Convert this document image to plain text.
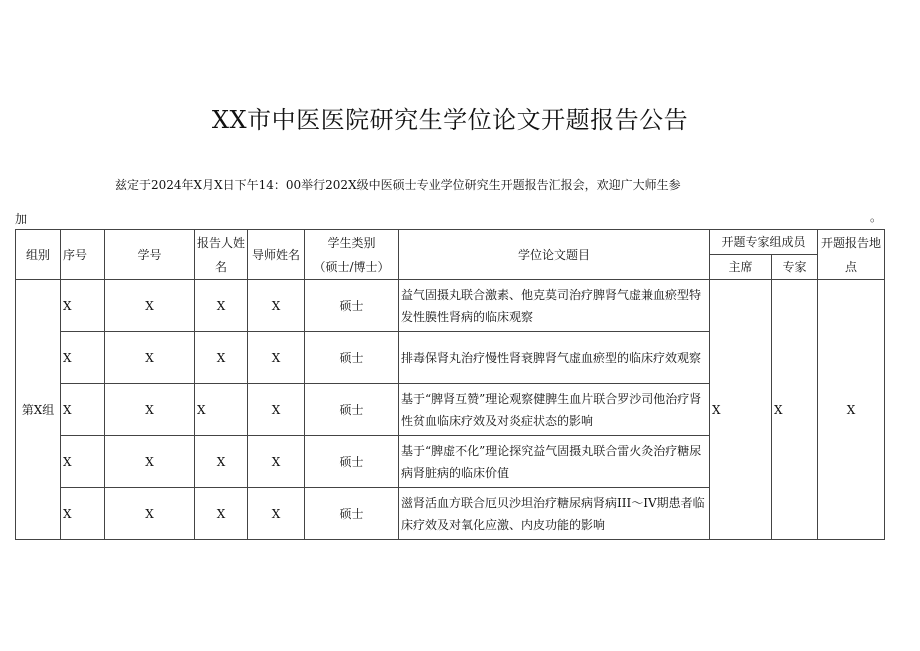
XX市中医医院研究生学位论文开题报告公告
兹定于2024年X月X日下午14：00举行202X级中医硕士专业学位研究生开题报告汇报会，欢迎广大师生参
加	。
组别	序号	学号	报告人姓名	导师姓名	学生类别
（硕士/博士）	学位论文题目	开题专家组成员		开题报告地点
							主席	专家	
第X组	X	X	X	X	硕士	益气固摄丸联合激素、他克莫司治疗脾肾气虚兼血瘀型特发性膜性肾病的临床观察	X	X	X
	X	X	X	X	硕士	排毒保肾丸治疗慢性肾衰脾肾气虚血瘀型的临床疗效观察			
	X	X	X	X	硕士	基于“脾肾互赞”理论观察健脾生血片联合罗沙司他治疗肾性贫血临床疗效及对炎症状态的影响			
	X	X	X	X	硕士	基于“脾虚不化”理论探究益气固摄丸联合雷火灸治疗糖尿病肾脏病的临床价值			
	X	X	X	X	硕士	滋肾活血方联合厄贝沙坦治疗糖尿病肾病III～IV期患者临床疗效及对氧化应激、内皮功能的影响			
